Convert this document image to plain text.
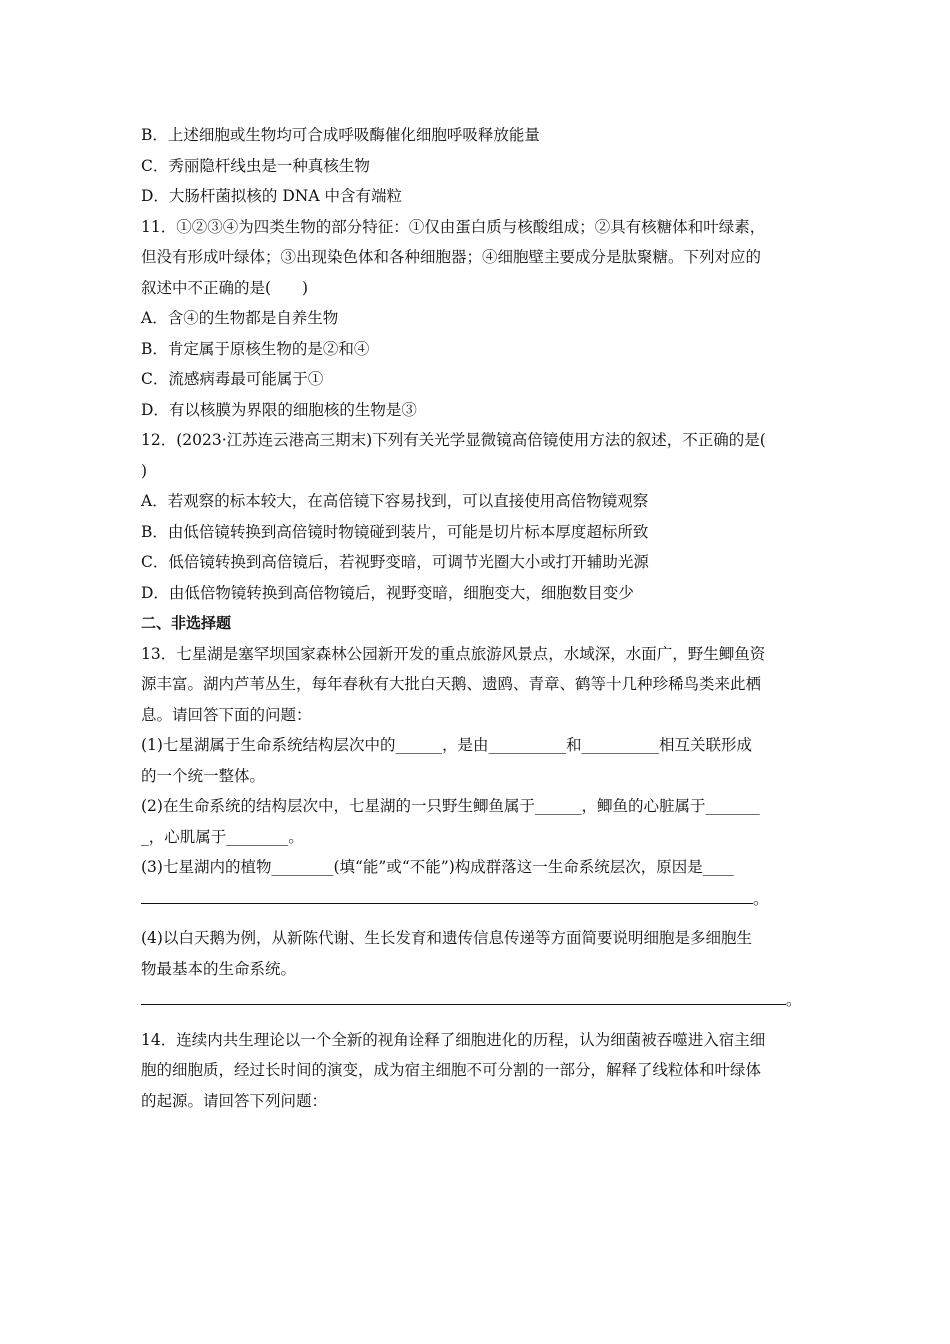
B．上述细胞或生物均可合成呼吸酶催化细胞呼吸释放能量
C．秀丽隐杆线虫是一种真核生物
D．大肠杆菌拟核的 DNA 中含有端粒
11．①②③④为四类生物的部分特征：①仅由蛋白质与核酸组成；②具有核糖体和叶绿素，
但没有形成叶绿体；③出现染色体和各种细胞器；④细胞壁主要成分是肽聚糖。下列对应的
叙述中不正确的是(　　)
A．含④的生物都是自养生物
B．肯定属于原核生物的是②和④
C．流感病毒最可能属于①
D．有以核膜为界限的细胞核的生物是③
12．(2023·江苏连云港高三期末)下列有关光学显微镜高倍镜使用方法的叙述，不正确的是(
)
A．若观察的标本较大，在高倍镜下容易找到，可以直接使用高倍物镜观察
B．由低倍镜转换到高倍镜时物镜碰到装片，可能是切片标本厚度超标所致
C．低倍镜转换到高倍镜后，若视野变暗，可调节光圈大小或打开辅助光源
D．由低倍物镜转换到高倍物镜后，视野变暗，细胞变大，细胞数目变少
二、非选择题
13．七星湖是塞罕坝国家森林公园新开发的重点旅游风景点，水域深，水面广，野生鲫鱼资
源丰富。湖内芦苇丛生，每年春秋有大批白天鹅、遗鸥、青章、鹤等十几种珍稀鸟类来此栖
息。请回答下面的问题：
(1)七星湖属于生命系统结构层次中的______，是由__________和__________相互关联形成
的一个统一整体。
(2)在生命系统的结构层次中，七星湖的一只野生鲫鱼属于______，鲫鱼的心脏属于_______
_，心肌属于________。
(3)七星湖内的植物________(填“能”或“不能”)构成群落这一生命系统层次，原因是____
。
(4)以白天鹅为例，从新陈代谢、生长发育和遗传信息传递等方面简要说明细胞是多细胞生
物最基本的生命系统。
。
14．连续内共生理论以一个全新的视角诠释了细胞进化的历程，认为细菌被吞噬进入宿主细
胞的细胞质，经过长时间的演变，成为宿主细胞不可分割的一部分，解释了线粒体和叶绿体
的起源。请回答下列问题：
